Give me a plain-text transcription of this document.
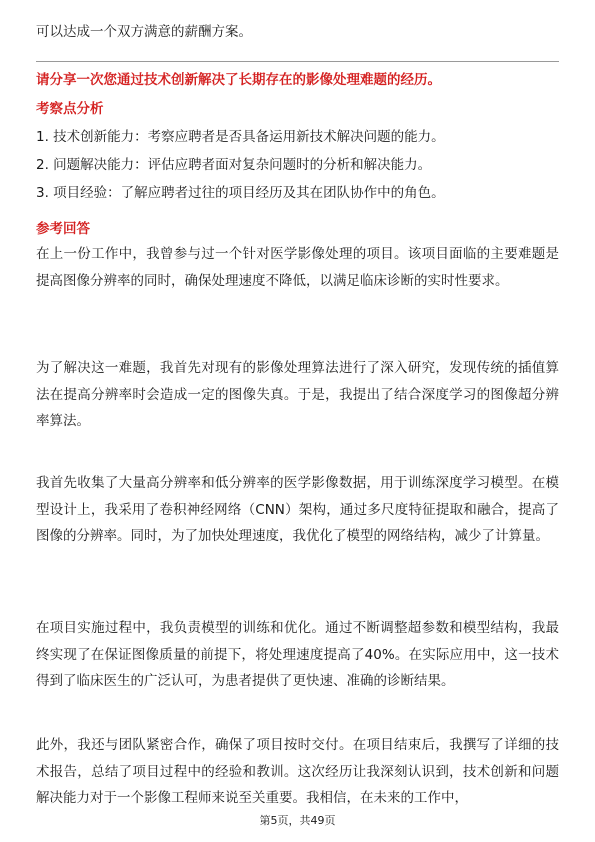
可以达成一个双方满意的薪酬方案。
请分享一次您通过技术创新解决了长期存在的影像处理难题的经历。
考察点分析
1. 技术创新能力：考察应聘者是否具备运用新技术解决问题的能力。
2. 问题解决能力：评估应聘者面对复杂问题时的分析和解决能力。
3. 项目经验：了解应聘者过往的项目经历及其在团队协作中的角色。
参考回答
在上一份工作中，我曾参与过一个针对医学影像处理的项目。该项目面临的主要难题是提高图像分辨率的同时，确保处理速度不降低，以满足临床诊断的实时性要求。
为了解决这一难题，我首先对现有的影像处理算法进行了深入研究，发现传统的插值算法在提高分辨率时会造成一定的图像失真。于是，我提出了结合深度学习的图像超分辨率算法。
我首先收集了大量高分辨率和低分辨率的医学影像数据，用于训练深度学习模型。在模型设计上，我采用了卷积神经网络（CNN）架构，通过多尺度特征提取和融合，提高了图像的分辨率。同时，为了加快处理速度，我优化了模型的网络结构，减少了计算量。
在项目实施过程中，我负责模型的训练和优化。通过不断调整超参数和模型结构，我最终实现了在保证图像质量的前提下，将处理速度提高了40%。在实际应用中，这一技术得到了临床医生的广泛认可，为患者提供了更快速、准确的诊断结果。
此外，我还与团队紧密合作，确保了项目按时交付。在项目结束后，我撰写了详细的技术报告，总结了项目过程中的经验和教训。这次经历让我深刻认识到，技术创新和问题解决能力对于一个影像工程师来说至关重要。我相信，在未来的工作中，
第5页，共49页
